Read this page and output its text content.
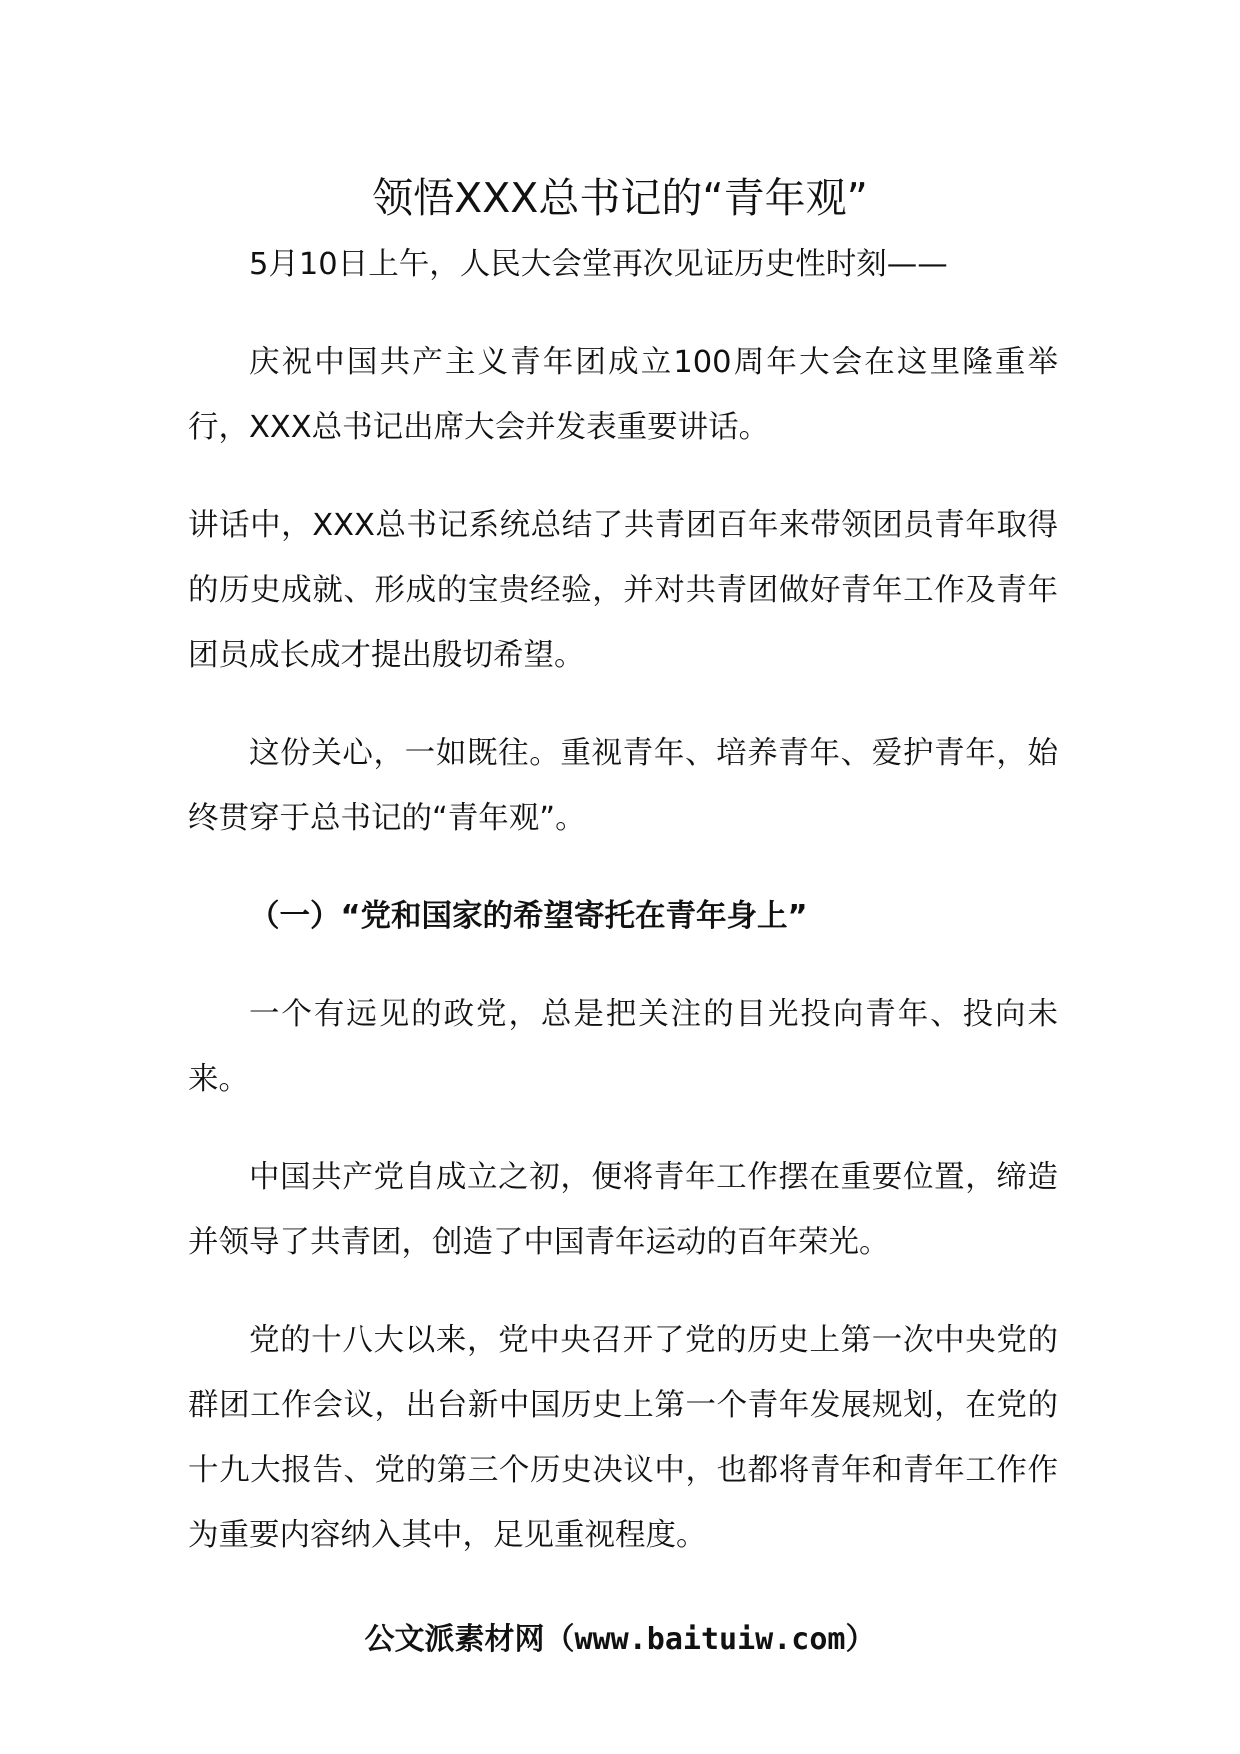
领悟XXX总书记的“青年观”

5月10日上午，人民大会堂再次见证历史性时刻——

庆祝中国共产主义青年团成立100周年大会在这里隆重举行，XXX总书记出席大会并发表重要讲话。

讲话中，XXX总书记系统总结了共青团百年来带领团员青年取得的历史成就、形成的宝贵经验，并对共青团做好青年工作及青年团员成长成才提出殷切希望。

这份关心，一如既往。重视青年、培养青年、爱护青年，始终贯穿于总书记的“青年观”。

（一）“党和国家的希望寄托在青年身上”

一个有远见的政党，总是把关注的目光投向青年、投向未来。

中国共产党自成立之初，便将青年工作摆在重要位置，缔造并领导了共青团，创造了中国青年运动的百年荣光。

党的十八大以来，党中央召开了党的历史上第一次中央党的群团工作会议，出台新中国历史上第一个青年发展规划，在党的十九大报告、党的第三个历史决议中，也都将青年和青年工作作为重要内容纳入其中，足见重视程度。

公文派素材网（www.baituiw.com）
